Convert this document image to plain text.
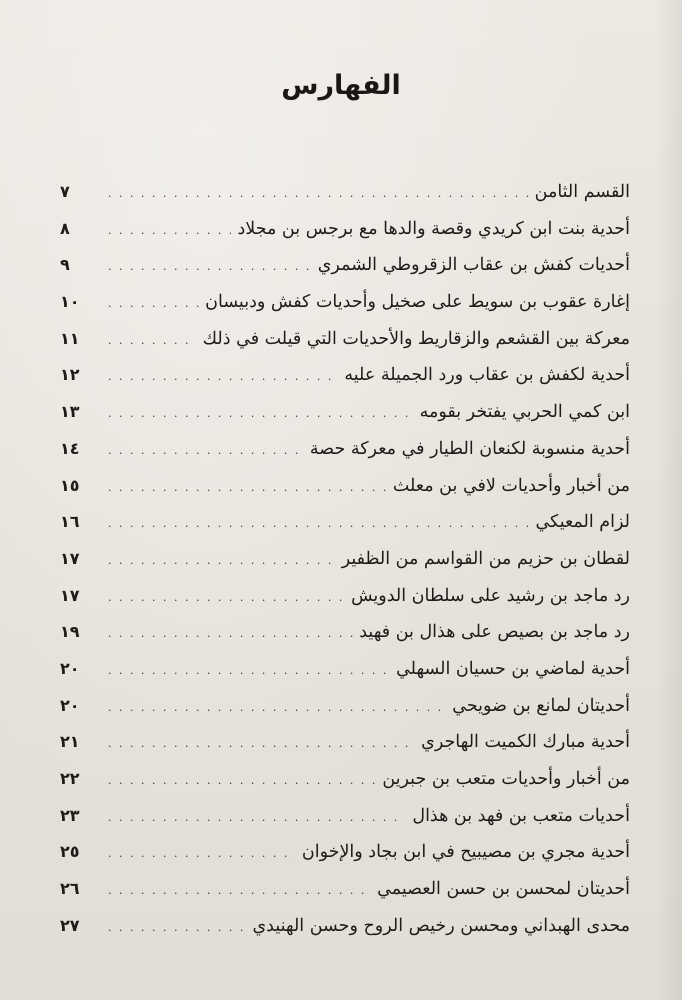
الفهارس
القسم الثامن
. . .
٧
أحدية بنت ابن كريدي وقصة والدها مع برجس بن مجلاد
. . .
٨
أحديات كفش بن عقاب الزقروطي الشمري
. . .
٩
إغارة عقوب بن سويط على صخيل وأحديات كفش ودبيسان
. . .
١٠
معركة بين القشعم والزقاريط والأحديات التي قيلت في ذلك
. . .
١١
أحدية لكفش بن عقاب ورد الجميلة عليه
. . .
١٢
ابن كمي الحربي يفتخر بقومه
. . .
١٣
أحدية منسوبة لكنعان الطيار في معركة حصة
. . .
١٤
من أخبار وأحديات لافي بن معلث
. . .
١٥
لزام المعيكي
. . .
١٦
لقطان بن حزيم من القواسم من الظفير
. . .
١٧
رد ماجد بن رشيد على سلطان الدويش
. . .
١٧
رد ماجد بن بصيص على هذال بن فهيد
. . .
١٩
أحدية لماضي بن حسيان السهلي
. . .
٢٠
أحديتان لمانع بن ضويحي
. . .
٢٠
أحدية مبارك الكميت الهاجري
. . .
٢١
من أخبار وأحديات متعب بن جبرين
. . .
٢٢
أحديات متعب بن فهد بن هذال
. . .
٢٣
أحدية مجري بن مصيبيح في ابن بجاد والإخوان
. . .
٢٥
أحديتان لمحسن بن حسن العصيمي
. . .
٢٦
محدى الهبداني ومحسن رخيص الروح وحسن الهنيدي
. . .
٢٧
